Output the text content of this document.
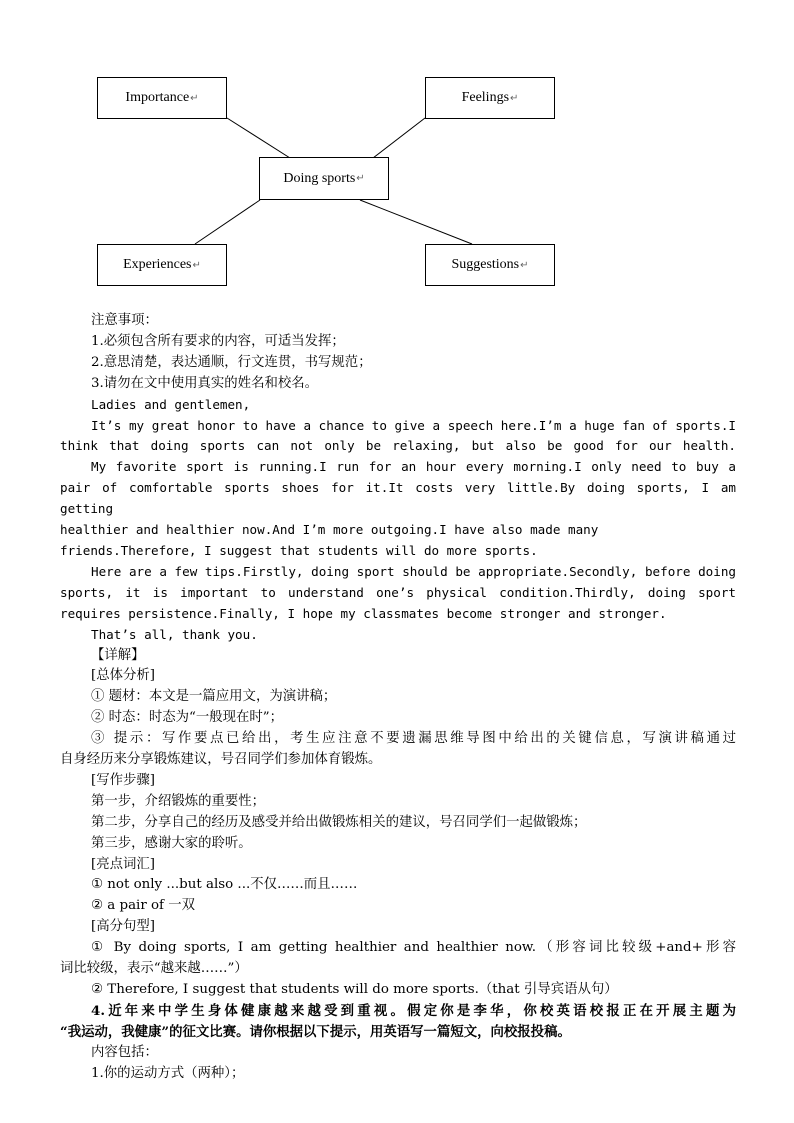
Importance ↵	Feelings ↵
Doing sports ↵
Experiences ↵	Suggestions ↵
注意事项：
1.必须包含所有要求的内容，可适当发挥；
2.意思清楚，表达通顺，行文连贯，书写规范；
3.请勿在文中使用真实的姓名和校名。
Ladies and gentlemen,
It’s my great honor to have a chance to give a speech here.I’m a huge fan of sports.I
think that doing sports can not only be relaxing, but also be good for our health.
My favorite sport is running.I run for an hour every morning.I only need to buy a
pair of comfortable sports shoes for it.It costs very little.By doing sports, I am getting
healthier and healthier now.And I’m more outgoing.I have also made many
friends.Therefore, I suggest that students will do more sports.
Here are a few tips.Firstly, doing sport should be appropriate.Secondly, before doing
sports, it is important to understand one’s physical condition.Thirdly, doing sport
requires persistence.Finally, I hope my classmates become stronger and stronger.
That’s all, thank you.
【详解】
[总体分析]
① 题材：本文是一篇应用文，为演讲稿；
② 时态：时态为“一般现在时”；
③ 提示：写作要点已给出，考生应注意不要遗漏思维导图中给出的关键信息，写演讲稿通过
自身经历来分享锻炼建议，号召同学们参加体育锻炼。
[写作步骤]
第一步，介绍锻炼的重要性；
第二步，分享自己的经历及感受并给出做锻炼相关的建议，号召同学们一起做锻炼；
第三步，感谢大家的聆听。
[亮点词汇]
① not only ...but also ...不仅……而且……
② a pair of 一双
[高分句型]
① By doing sports, I am getting healthier and healthier now.（形容词比较级+and+形容
词比较级，表示“越来越……”）
② Therefore, I suggest that students will do more sports.（that 引导宾语从句）
4.近年来中学生身体健康越来越受到重视。假定你是李华，你校英语校报正在开展主题为
“我运动，我健康”的征文比赛。请你根据以下提示，用英语写一篇短文，向校报投稿。
内容包括：
1.你的运动方式（两种）；
